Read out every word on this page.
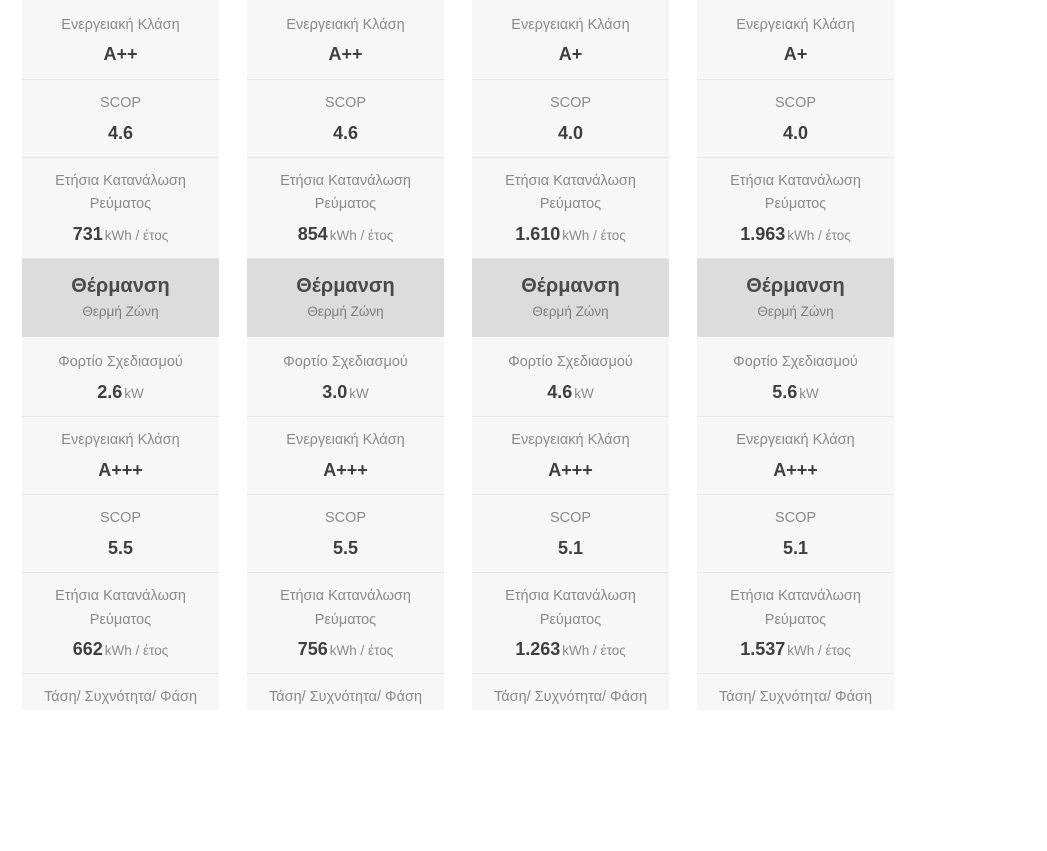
Ενεργειακή Κλάση
A++
SCOP
4.6
Ετήσια Κατανάλωση
Ρεύματος
731 kWh / έτος
Θέρμανση
Θερμή Ζώνη
Φορτίο Σχεδιασμού
2.6 kW
Ενεργειακή Κλάση
A+++
SCOP
5.5
Ετήσια Κατανάλωση
Ρεύματος
662 kWh / έτος
Τάση/ Συχνότητα/ Φάση
Ενεργειακή Κλάση
A++
SCOP
4.6
Ετήσια Κατανάλωση
Ρεύματος
854 kWh / έτος
Θέρμανση
Θερμή Ζώνη
Φορτίο Σχεδιασμού
3.0 kW
Ενεργειακή Κλάση
A+++
SCOP
5.5
Ετήσια Κατανάλωση
Ρεύματος
756 kWh / έτος
Τάση/ Συχνότητα/ Φάση
Ενεργειακή Κλάση
A+
SCOP
4.0
Ετήσια Κατανάλωση
Ρεύματος
1.610 kWh / έτος
Θέρμανση
Θερμή Ζώνη
Φορτίο Σχεδιασμού
4.6 kW
Ενεργειακή Κλάση
A+++
SCOP
5.1
Ετήσια Κατανάλωση
Ρεύματος
1.263 kWh / έτος
Τάση/ Συχνότητα/ Φάση
Ενεργειακή Κλάση
A+
SCOP
4.0
Ετήσια Κατανάλωση
Ρεύματος
1.963 kWh / έτος
Θέρμανση
Θερμή Ζώνη
Φορτίο Σχεδιασμού
5.6 kW
Ενεργειακή Κλάση
A+++
SCOP
5.1
Ετήσια Κατανάλωση
Ρεύματος
1.537 kWh / έτος
Τάση/ Συχνότητα/ Φάση
